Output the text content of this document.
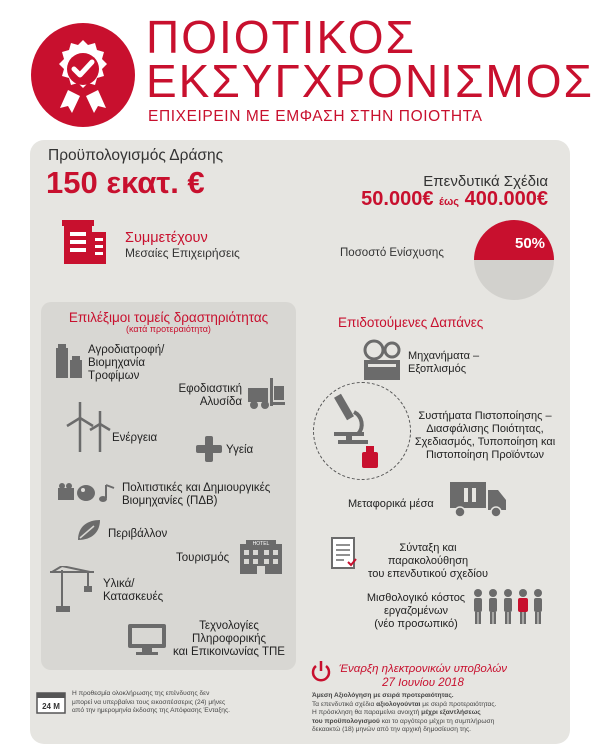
ΠΟΙΟΤΙΚΟΣ
ΕΚΣΥΓΧΡΟΝΙΣΜΟΣ
ΕΠΙΧΕΙΡΕΙΝ ΜΕ ΕΜΦΑΣΗ ΣΤΗΝ ΠΟΙΟΤΗΤΑ
Προϋπολογισμός Δράσης
150 εκατ. €	Επενδυτικά Σχέδια
50.000€ έως 400.000€
Συμμετέχουν
Μεσαίες Επιχειρήσεις	Ποσοστό Ενίσχυσης
50%
Επιλέξιμοι τομείς δραστηριότητας
(κατά προτεραιότητα)
Αγροδιατροφή/
Βιομηχανία
Τροφίμων
Εφοδιαστική
Αλυσίδα
Ενέργεια
Υγεία
Πολιτιστικές και Δημιουργικές
Βιομηχανίες (ΠΔΒ)
Περιβάλλον
HOTEL
Τουρισμός
Υλικά/
Κατασκευές
Τεχνολογίες
Πληροφορικής
και Επικοινωνίας ΤΠΕ
Επιδοτούμενες Δαπάνες
Μηχανήματα –
Εξοπλισμός
Συστήματα Πιστοποίησης –
Διασφάλισης Ποιότητας,
Σχεδιασμός, Τυποποίηση και
Πιστοποίηση Προϊόντων
Μεταφορικά μέσα
Σύνταξη και παρακολούθηση
του επενδυτικού σχεδίου
Μισθολογικό κόστος
εργαζομένων
(νέο προσωπικό)
Έναρξη ηλεκτρονικών υποβολών
27 Ιουνίου 2018
Άμεση Αξιολόγηση με σειρά προτεραιότητας.
Τα επενδυτικά σχέδια αξιολογούνται με σειρά προτεραιότητας.
Η πρόσκληση θα παραμείνει ανοιχτή μέχρι εξαντλήσεως
του προϋπολογισμού και το αργότερο μέχρι τη συμπλήρωση
δεκαοκτώ (18) μηνών από την αρχική δημοσίευση της.
24 M
Η προθεσμία ολοκλήρωσης της επένδυσης δεν
μπορεί να υπερβαίνει τους εικοσιτέσσερις (24) μήνες
από την ημερομηνία έκδοσης της Απόφασης Ένταξης.
